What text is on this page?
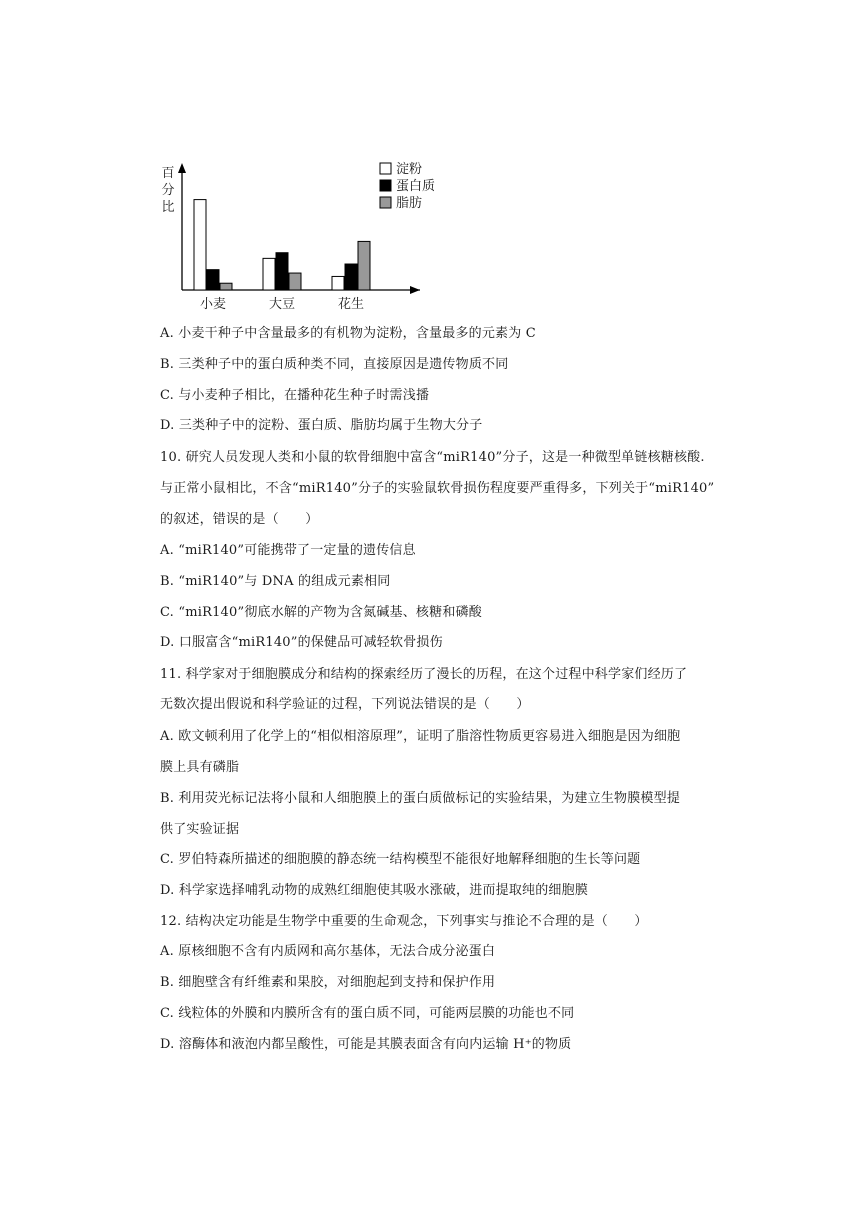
百
分
比
小麦	大豆	花生
淀粉
蛋白质
脂肪
A. 小麦干种子中含量最多的有机物为淀粉，含量最多的元素为 C
B. 三类种子中的蛋白质种类不同，直接原因是遗传物质不同
C. 与小麦种子相比，在播种花生种子时需浅播
D. 三类种子中的淀粉、蛋白质、脂肪均属于生物大分子
10. 研究人员发现人类和小鼠的软骨细胞中富含“miR140”分子，这是一种微型单链核糖核酸.
与正常小鼠相比，不含“miR140”分子的实验鼠软骨损伤程度要严重得多，下列关于“miR140”
的叙述，错误的是（　　）
A. “miR140”可能携带了一定量的遗传信息
B. “miR140”与 DNA 的组成元素相同
C. “miR140”彻底水解的产物为含氮碱基、核糖和磷酸
D. 口服富含“miR140”的保健品可减轻软骨损伤
11. 科学家对于细胞膜成分和结构的探索经历了漫长的历程，在这个过程中科学家们经历了
无数次提出假说和科学验证的过程，下列说法错误的是（　　）
A. 欧文顿利用了化学上的“相似相溶原理”，证明了脂溶性物质更容易进入细胞是因为细胞
膜上具有磷脂
B. 利用荧光标记法将小鼠和人细胞膜上的蛋白质做标记的实验结果，为建立生物膜模型提
供了实验证据
C. 罗伯特森所描述的细胞膜的静态统一结构模型不能很好地解释细胞的生长等问题
D. 科学家选择哺乳动物的成熟红细胞使其吸水涨破，进而提取纯的细胞膜
12. 结构决定功能是生物学中重要的生命观念，下列事实与推论不合理的是（　　）
A. 原核细胞不含有内质网和高尔基体，无法合成分泌蛋白
B. 细胞壁含有纤维素和果胶，对细胞起到支持和保护作用
C. 线粒体的外膜和内膜所含有的蛋白质不同，可能两层膜的功能也不同
D. 溶酶体和液泡内都呈酸性，可能是其膜表面含有向内运输 H⁺的物质
